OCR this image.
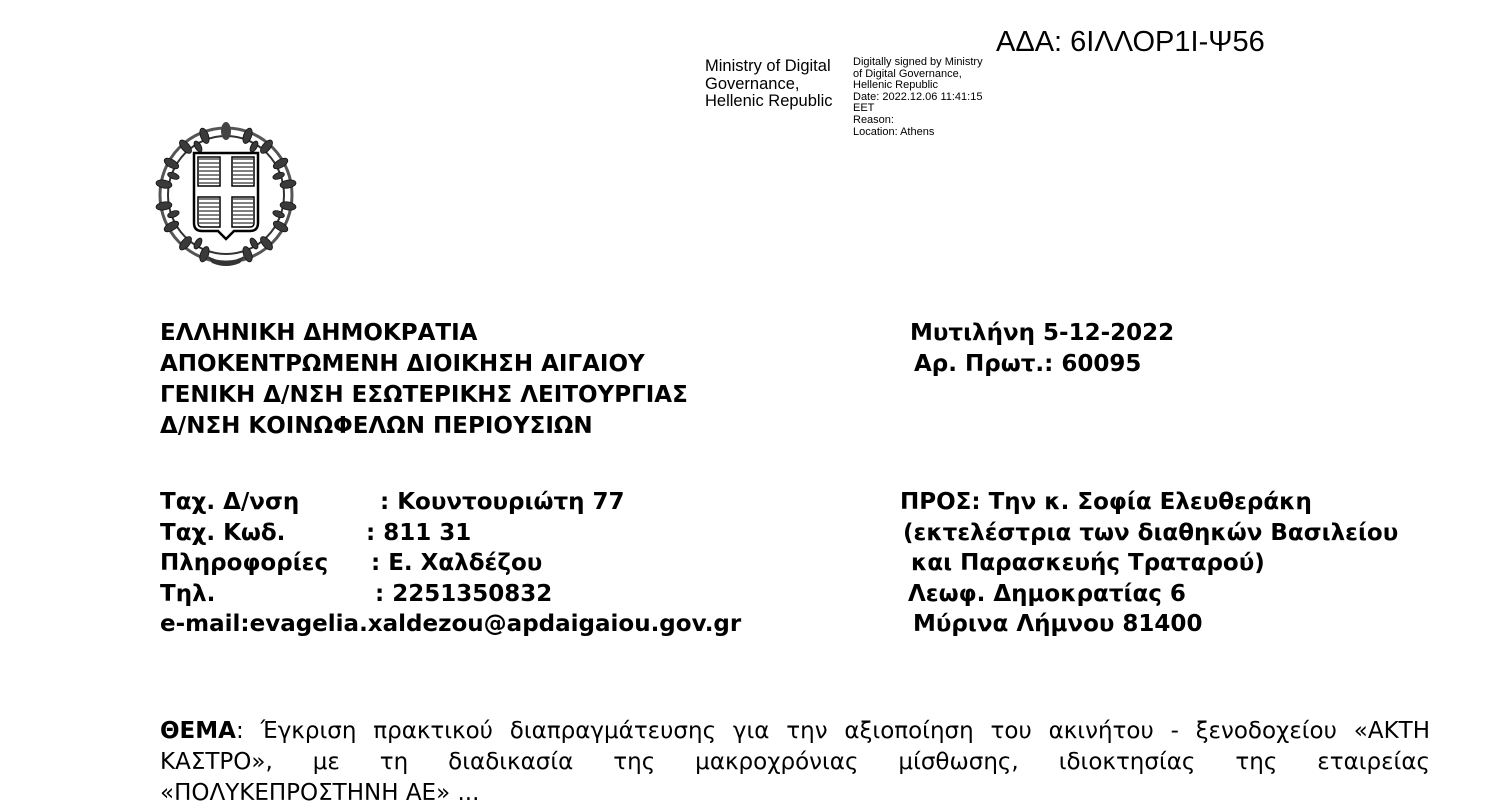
ΑΔΑ: 6ΙΛΛΟΡ1Ι-Ψ56
Ministry of Digital
Governance,
Hellenic Republic
Digitally signed by Ministry
of Digital Governance,
Hellenic Republic
Date: 2022.12.06 11:41:15
EET
Reason:
Location: Athens
ΕΛΛΗΝΙΚΗ ΔΗΜΟΚΡΑΤΙΑ
ΑΠΟΚΕΝΤΡΩΜΕΝΗ ΔΙΟΙΚΗΣΗ ΑΙΓΑΙΟΥ
ΓΕΝΙΚΗ Δ/ΝΣΗ ΕΣΩΤΕΡΙΚΗΣ ΛΕΙΤΟΥΡΓΙΑΣ
Δ/ΝΣΗ ΚΟΙΝΩΦΕΛΩΝ ΠΕΡΙΟΥΣΙΩΝ
Μυτιλήνη 5-12-2022
Αρ. Πρωτ.: 60095
Ταχ. Δ/νση	: Κουντουριώτη 77
Ταχ. Κωδ.	: 811 31
Πληροφορίες	: Ε. Χαλδέζου
Τηλ.	: 2251350832
e-mail: evagelia.xaldezou@apdaigaiou.gov.gr
ΠΡΟΣ: Την κ. Σοφία Ελευθεράκη
(εκτελέστρια των διαθηκών Βασιλείου
και Παρασκευής Τραταρού)
Λεωφ. Δημοκρατίας 6
Μύρινα Λήμνου 81400
ΘΕΜΑ: Έγκριση πρακτικού διαπραγμάτευσης για την αξιοποίηση του ακινήτου - ξενοδοχείου «ΑΚΤΗ
ΚΑΣΤΡΟ», με τη διαδικασία της μακροχρόνιας μίσθωσης, ιδιοκτησίας της εταιρείας
«ΠΟΛΥΚΕΠΡΟΣΤΗΝΗ ΑΕ» ...
